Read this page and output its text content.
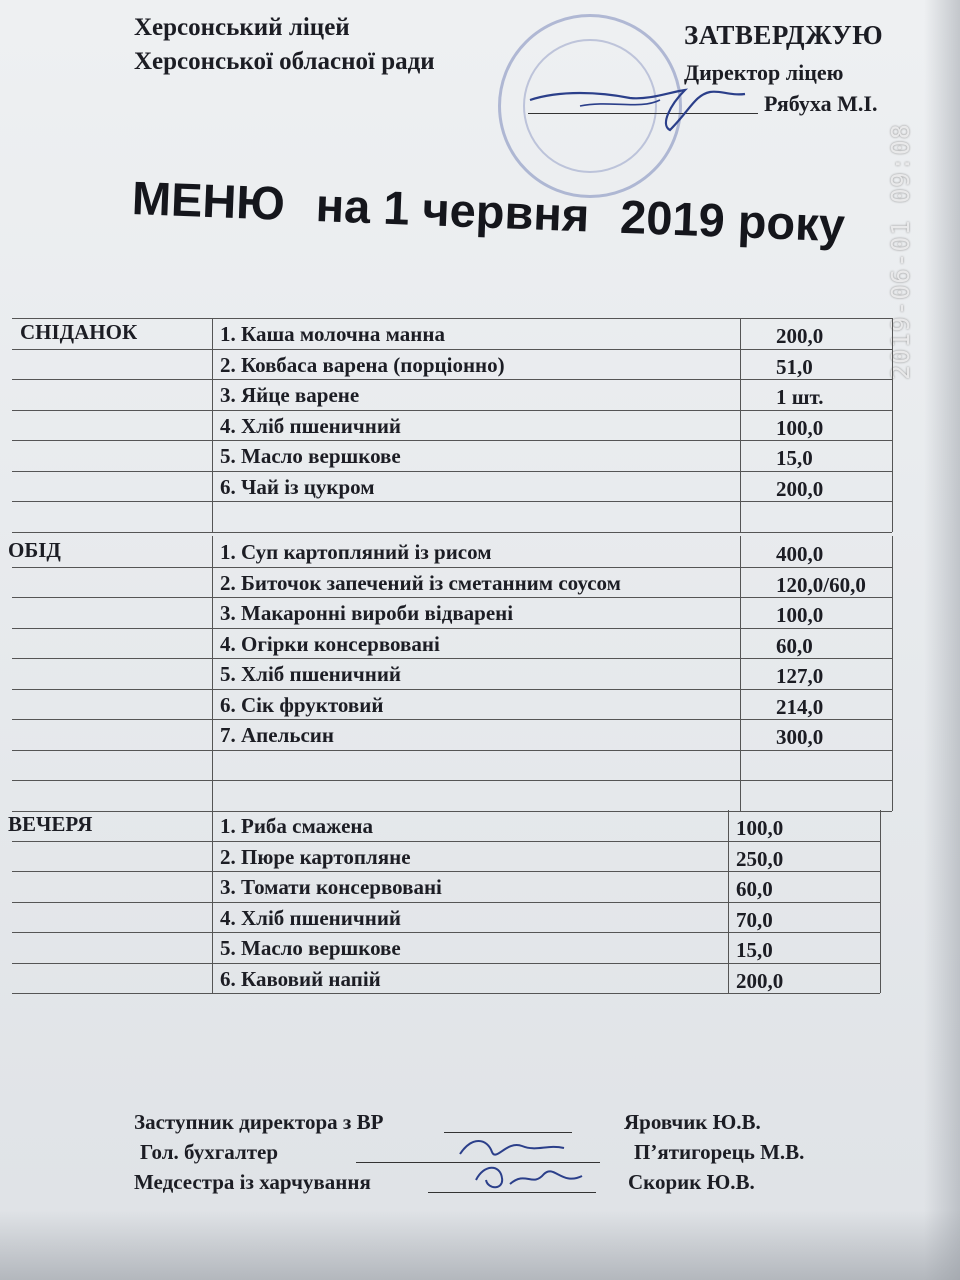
Херсонський ліцей
Херсонської обласної ради
ЗАТВЕРДЖУЮ
Директор ліцею
Рябуха М.І.
МЕНЮ на 1 червня 2019 року	2019-06-01 09:08
СНІДАНОК	1. Каша молочна манна	200,0
2. Ковбаса варена (порціонно)	51,0
3. Яйце варене	1 шт.
4. Хліб пшеничний	100,0
5. Масло вершкове	15,0
6. Чай із цукром	200,0
ОБІД	1. Суп картопляний із рисом	400,0
2. Биточок запечений із сметанним соусом	120,0/60,0
3. Макаронні вироби відварені	100,0
4. Огірки консервовані	60,0
5. Хліб пшеничний	127,0
6. Сік фруктовий	214,0
7. Апельсин	300,0
ВЕЧЕРЯ	1. Риба смажена	100,0
2. Пюре картопляне	250,0
3. Томати консервовані	60,0
4. Хліб пшеничний	70,0
5. Масло вершкове	15,0
6. Кавовий напій	200,0
Заступник директора з ВР	Яровчик Ю.В.
Гол. бухгалтер	П’ятигорець М.В.
Медсестра із харчування	Скорик Ю.В.
